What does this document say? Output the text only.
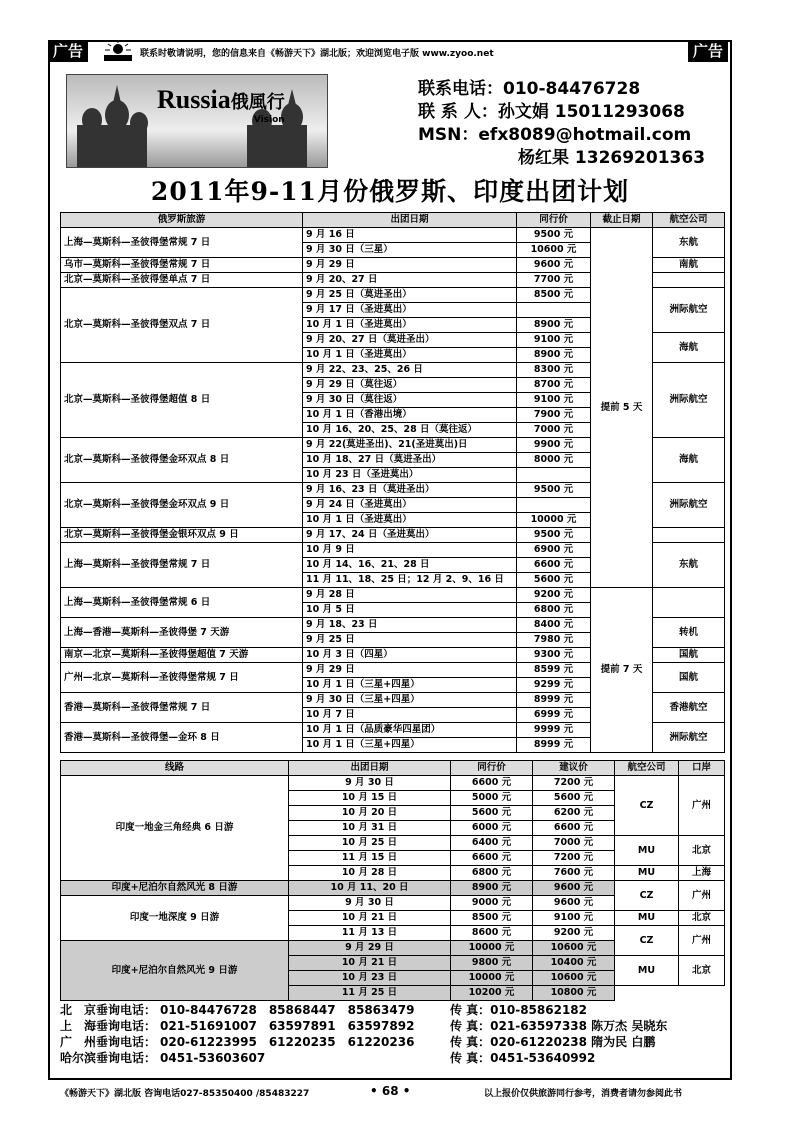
广告	广告
联系时敬请说明，您的信息来自《畅游天下》湖北版；欢迎浏览电子版 www.zyoo.net
Russia俄風行
Vision
联系电话：010-84476728
联 系 人：孙文娟 15011293068
MSN：efx8089@hotmail.com
杨红果 13269201363
2011年9-11月份俄罗斯、印度出团计划
俄罗斯旅游	出团日期	同行价	截止日期	航空公司
上海—莫斯科—圣彼得堡常规 7 日	9 月 16 日	9500 元	提前 5 天	东航
	9 月 30 日（三星）	10600 元		
乌市—莫斯科—圣彼得堡常规 7 日	9 月 29 日	9600 元		南航
北京—莫斯科—圣彼得堡单点 7 日	9 月 20、27 日	7700 元		
北京—莫斯科—圣彼得堡双点 7 日	9 月 25 日（莫进圣出）	8500 元		洲际航空
	9 月 17 日（圣进莫出）			
	10 月 1 日（圣进莫出）	8900 元		
	9 月 20、27 日（莫进圣出）	9100 元		海航
	10 月 1 日（圣进莫出）	8900 元		
北京—莫斯科—圣彼得堡超值 8 日	9 月 22、23、25、26 日	8300 元		洲际航空
	9 月 29 日（莫往返）	8700 元		
	9 月 30 日（莫往返）	9100 元		
	10 月 1 日（香港出境）	7900 元		
	10 月 16、20、25、28 日（莫往返）	7000 元		
北京—莫斯科—圣彼得堡金环双点 8 日	9 月 22(莫进圣出)、21(圣进莫出)日	9900 元		海航
	10 月 18、27 日（莫进圣出）	8000 元		
	10 月 23 日（圣进莫出）			
北京—莫斯科—圣彼得堡金环双点 9 日	9 月 16、23 日（莫进圣出）	9500 元		洲际航空
	9 月 24 日（圣进莫出）			
	10 月 1 日（圣进莫出）	10000 元		
北京—莫斯科—圣彼得堡金银环双点 9 日	9 月 17、24 日（圣进莫出）	9500 元		
上海—莫斯科—圣彼得堡常规 7 日	10 月 9 日	6900 元		东航
	10 月 14、16、21、28 日	6600 元		
	11 月 11、18、25 日；12 月 2、9、16 日	5600 元		
上海—莫斯科—圣彼得堡常规 6 日	9 月 28 日	9200 元	提前 7 天	
	10 月 5 日	6800 元		
上海—香港—莫斯科—圣彼得堡 7 天游	9 月 18、23 日	8400 元		转机
	9 月 25 日	7980 元		
南京—北京—莫斯科—圣彼得堡超值 7 天游	10 月 3 日（四星）	9300 元		国航
广州—北京—莫斯科—圣彼得堡常规 7 日	9 月 29 日	8599 元		国航
	10 月 1 日（三星+四星）	9299 元		
香港—莫斯科—圣彼得堡常规 7 日	9 月 30 日（三星+四星）	8999 元		香港航空
	10 月 7 日	6999 元		
香港—莫斯科—圣彼得堡—金环 8 日	10 月 1 日（品质豪华四星团）	9999 元		洲际航空
	10 月 1 日（三星+四星）	8999 元		
线路	出团日期	同行价	建议价	航空公司	口岸
印度一地金三角经典 6 日游	9 月 30 日	6600 元	7200 元	CZ	广州
	10 月 15 日	5000 元	5600 元		
	10 月 20 日	5600 元	6200 元		
	10 月 31 日	6000 元	6600 元		
	10 月 25 日	6400 元	7000 元	MU	北京
	11 月 15 日	6600 元	7200 元		
	10 月 28 日	6800 元	7600 元	MU	上海
印度+尼泊尔自然风光 8 日游	10 月 11、20 日	8900 元	9600 元	CZ	广州
印度一地深度 9 日游	9 月 30 日	9000 元	9600 元		
	10 月 21 日	8500 元	9100 元	MU	北京
	11 月 13 日	8600 元	9200 元	CZ	广州
印度+尼泊尔自然风光 9 日游	9 月 29 日	10000 元	10600 元		
	10 月 21 日	9800 元	10400 元	MU	北京
	10 月 23 日	10000 元	10600 元		
	11 月 25 日	10200 元	10800 元		
北　京垂询电话： 010-84476728　85868447　85863479	传 真：010-85862182
上　海垂询电话： 021-51691007　63597891　63597892	传 真：021-63597338 陈万杰 吴晓东
广　州垂询电话： 020-61223995　61220235　61220236	传 真：020-61220238 隋为民 白鹏
哈尔滨垂询电话： 0451-53603607	传 真：0451-53640992
《畅游天下》湖北版 咨询电话027-85350400 /85483227	• 68 •	以上报价仅供旅游同行参考，消费者请勿参阅此书
